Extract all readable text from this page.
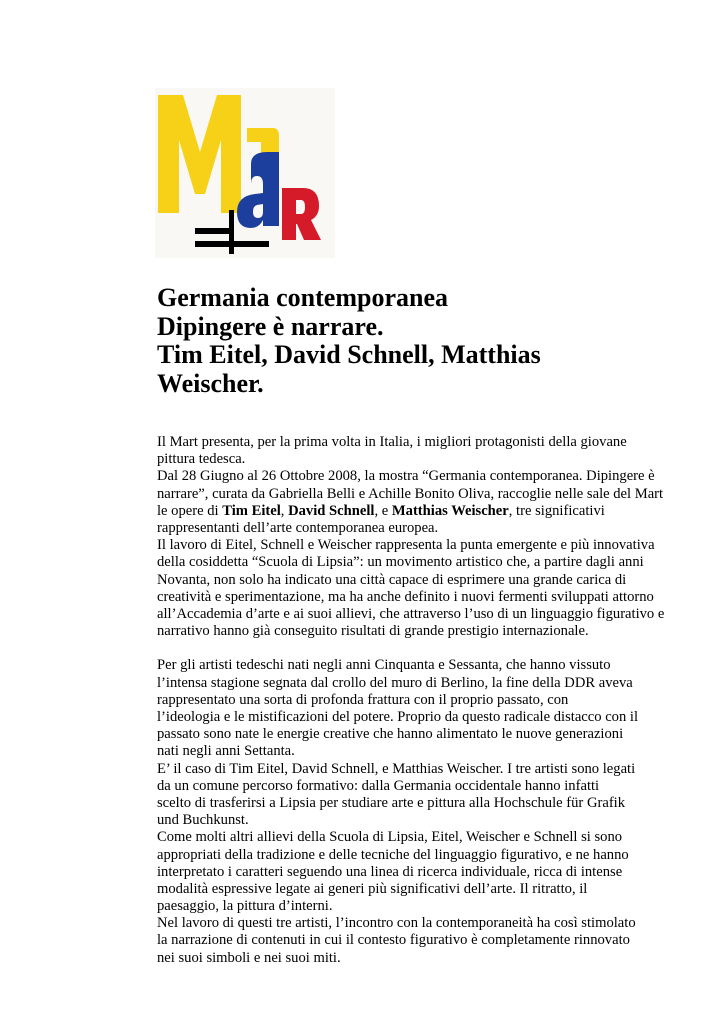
Germania contemporanea
Dipingere è narrare.
Tim Eitel, David Schnell, Matthias
Weischer.
Il Mart presenta, per la prima volta in Italia, i migliori protagonisti della giovane
pittura tedesca.
Dal 28 Giugno al 26 Ottobre 2008, la mostra “Germania contemporanea. Dipingere è
narrare”, curata da Gabriella Belli e Achille Bonito Oliva, raccoglie nelle sale del Mart
le opere di Tim Eitel, David Schnell, e Matthias Weischer, tre significativi
rappresentanti dell’arte contemporanea europea.
Il lavoro di Eitel, Schnell e Weischer rappresenta la punta emergente e più innovativa
della cosiddetta “Scuola di Lipsia”: un movimento artistico che, a partire dagli anni
Novanta, non solo ha indicato una città capace di esprimere una grande carica di
creatività e sperimentazione, ma ha anche definito i nuovi fermenti sviluppati attorno
all’Accademia d’arte e ai suoi allievi, che attraverso l’uso di un linguaggio figurativo e
narrativo hanno già conseguito risultati di grande prestigio internazionale.
Per gli artisti tedeschi nati negli anni Cinquanta e Sessanta, che hanno vissuto
l’intensa stagione segnata dal crollo del muro di Berlino, la fine della DDR aveva
rappresentato una sorta di profonda frattura con il proprio passato, con
l’ideologia e le mistificazioni del potere. Proprio da questo radicale distacco con il
passato sono nate le energie creative che hanno alimentato le nuove generazioni
nati negli anni Settanta.
E’ il caso di Tim Eitel, David Schnell, e Matthias Weischer. I tre artisti sono legati
da un comune percorso formativo: dalla Germania occidentale hanno infatti
scelto di trasferirsi a Lipsia per studiare arte e pittura alla Hochschule für Grafik
und Buchkunst.
Come molti altri allievi della Scuola di Lipsia, Eitel, Weischer e Schnell si sono
appropriati della tradizione e delle tecniche del linguaggio figurativo, e ne hanno
interpretato i caratteri seguendo una linea di ricerca individuale, ricca di intense
modalità espressive legate ai generi più significativi dell’arte. Il ritratto, il
paesaggio, la pittura d’interni.
Nel lavoro di questi tre artisti, l’incontro con la contemporaneità ha così stimolato
la narrazione di contenuti in cui il contesto figurativo è completamente rinnovato
nei suoi simboli e nei suoi miti.
